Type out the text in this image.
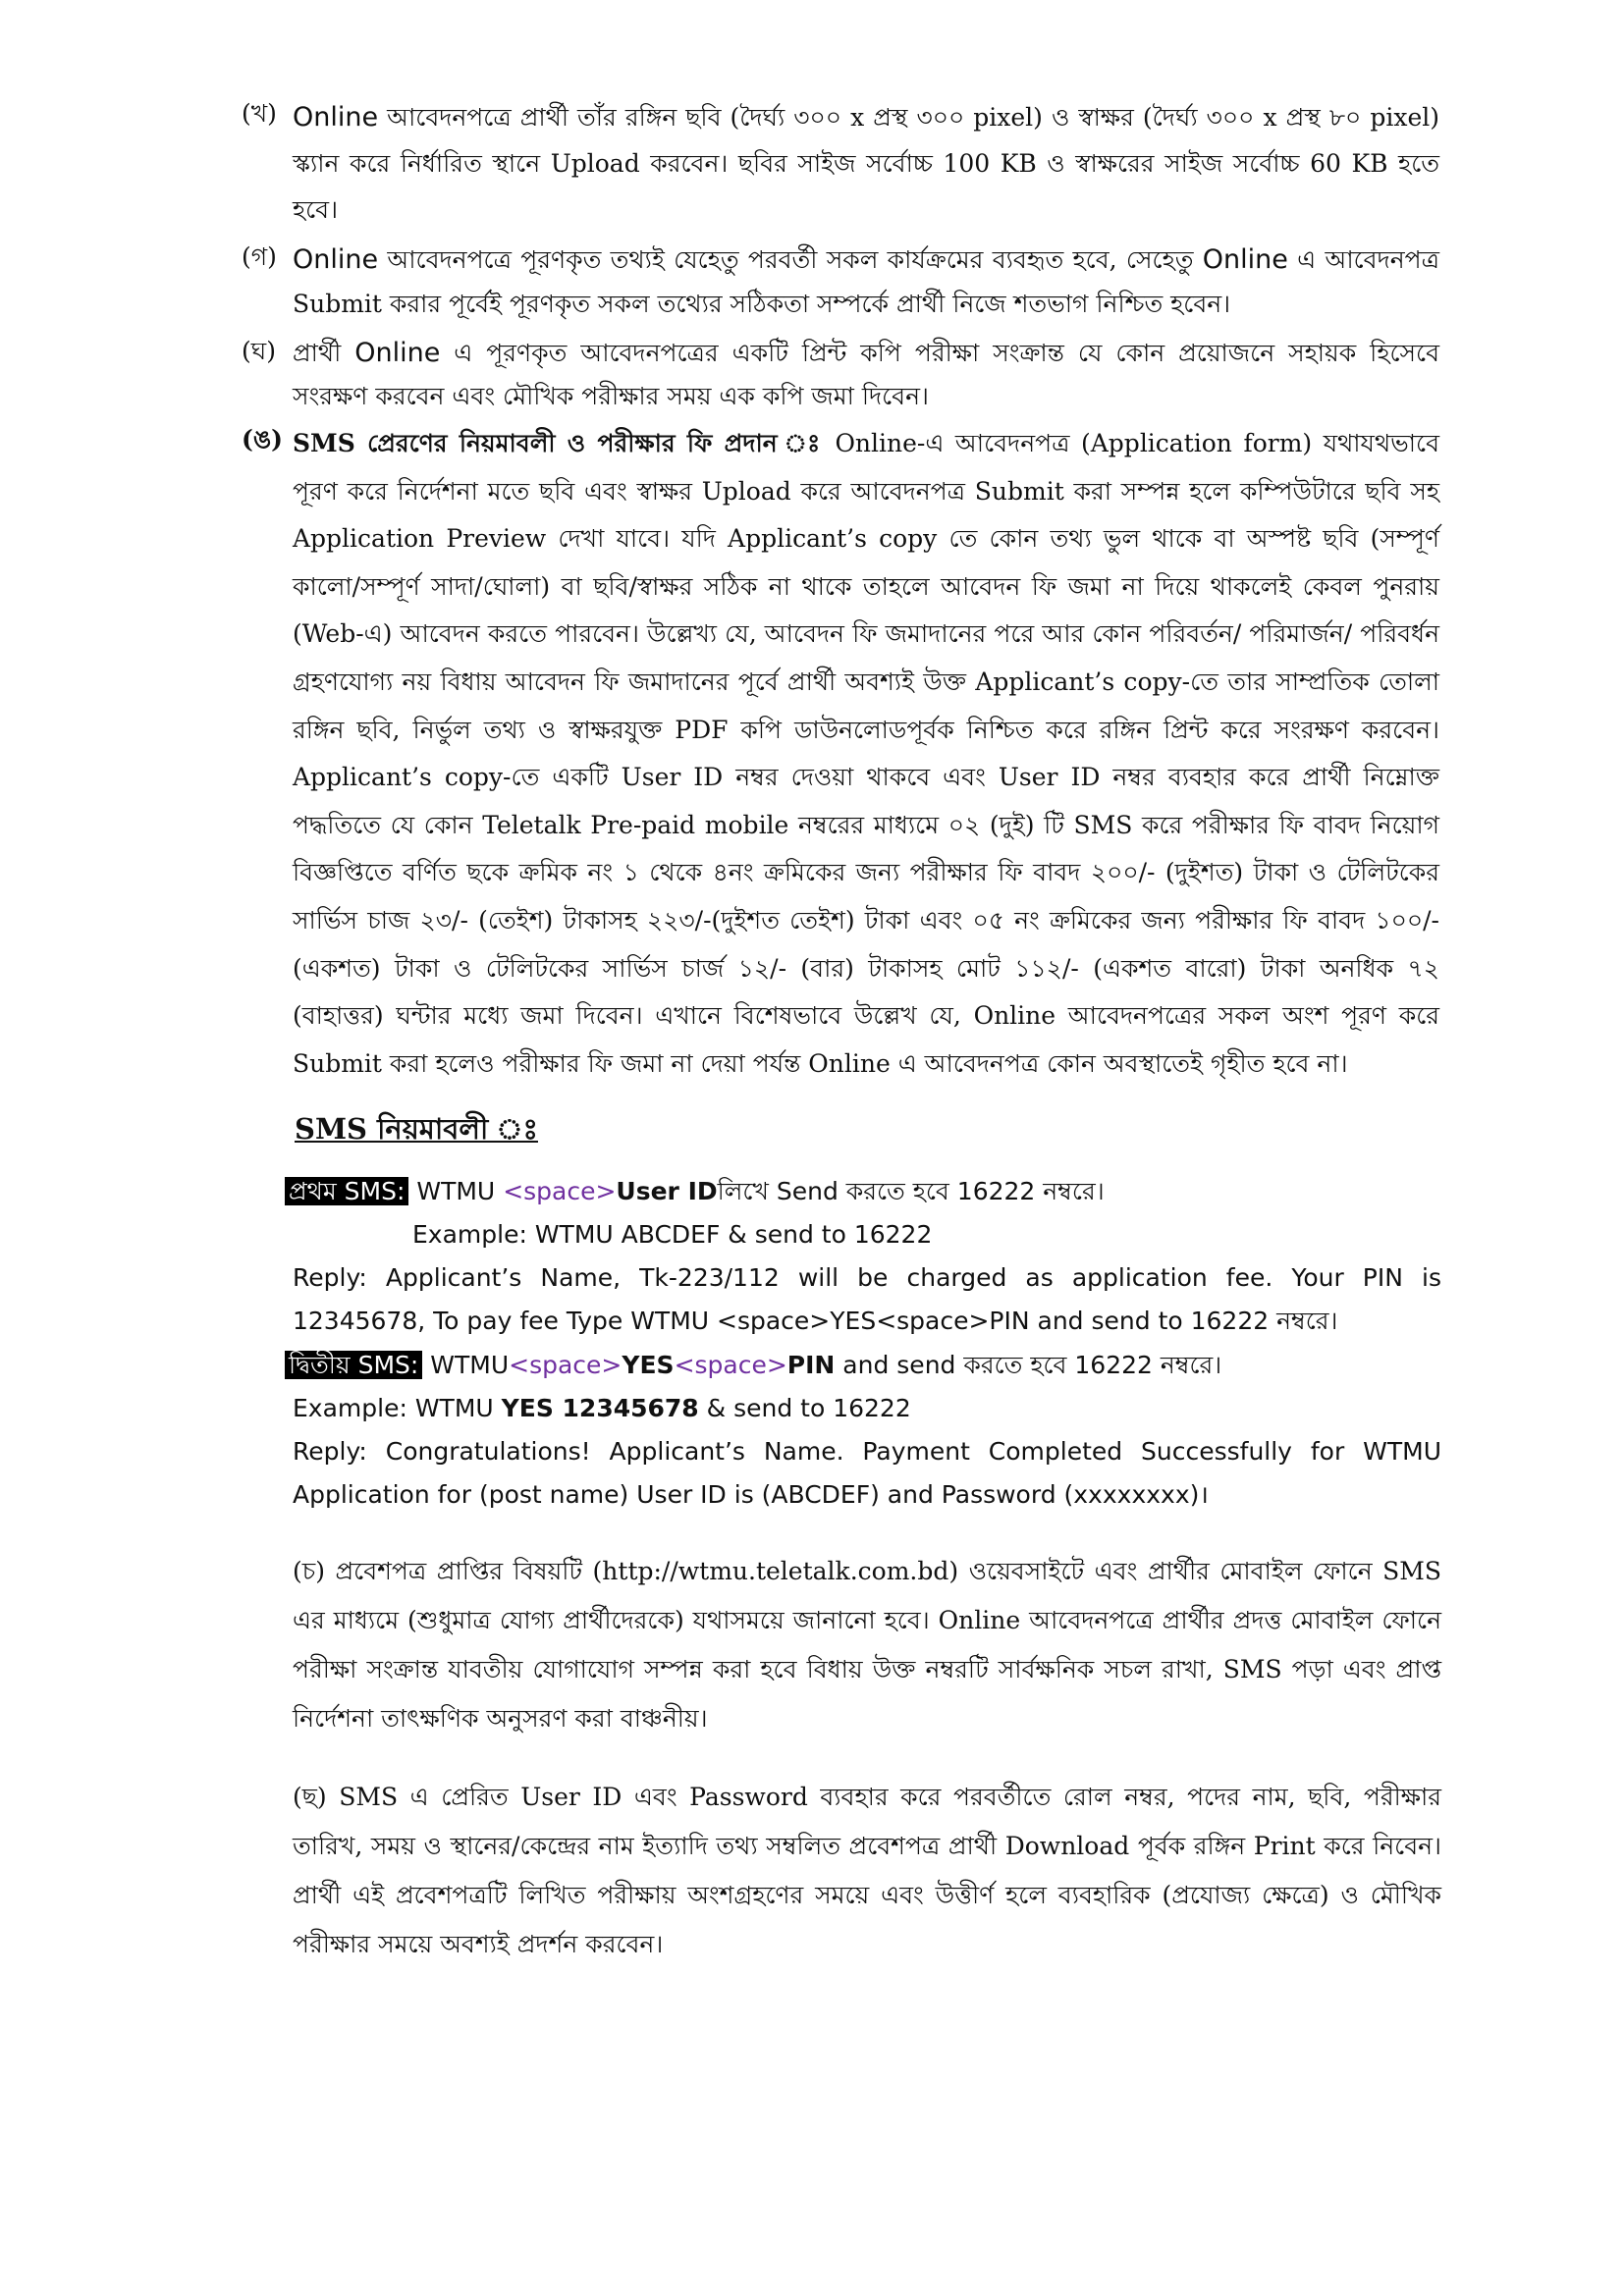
(খ) Online আবেদনপত্রে প্রার্থী তাঁর রঙ্গিন ছবি (দৈর্ঘ্য ৩০০ x প্রস্থ ৩০০ pixel) ও স্বাক্ষর (দৈর্ঘ্য ৩০০ x প্রস্থ ৮০ pixel) স্ক্যান করে নির্ধারিত স্থানে Upload করবেন। ছবির সাইজ সর্বোচ্চ 100 KB ও স্বাক্ষরের সাইজ সর্বোচ্চ 60 KB হতে হবে।
(গ) Online আবেদনপত্রে পূরণকৃত তথ্যই যেহেতু পরবর্তী সকল কার্যক্রমের ব্যবহৃত হবে, সেহেতু Online এ আবেদনপত্র Submit করার পূর্বেই পূরণকৃত সকল তথ্যের সঠিকতা সম্পর্কে প্রার্থী নিজে শতভাগ নিশ্চিত হবেন।
(ঘ) প্রার্থী Online এ পূরণকৃত আবেদনপত্রের একটি প্রিন্ট কপি পরীক্ষা সংক্রান্ত যে কোন প্রয়োজনে সহায়ক হিসেবে সংরক্ষণ করবেন এবং মৌখিক পরীক্ষার সময় এক কপি জমা দিবেন।
(ঙ) SMS প্রেরণের নিয়মাবলী ও পরীক্ষার ফি প্রদান ঃ Online-এ আবেদনপত্র (Application form) যথাযথভাবে পূরণ করে নির্দেশনা মতে ছবি এবং স্বাক্ষর Upload করে আবেদনপত্র Submit করা সম্পন্ন হলে কম্পিউটারে ছবি সহ Application Preview দেখা যাবে। যদি Applicant’s copy তে কোন তথ্য ভুল থাকে বা অস্পষ্ট ছবি (সম্পূর্ণ কালো/সম্পূর্ণ সাদা/ঘোলা) বা ছবি/স্বাক্ষর সঠিক না থাকে তাহলে আবেদন ফি জমা না দিয়ে থাকলেই কেবল পুনরায় (Web-এ) আবেদন করতে পারবেন। উল্লেখ্য যে, আবেদন ফি জমাদানের পরে আর কোন পরিবর্তন/ পরিমার্জন/ পরিবর্ধন গ্রহণযোগ্য নয় বিধায় আবেদন ফি জমাদানের পূর্বে প্রার্থী অবশ্যই উক্ত Applicant’s copy-তে তার সাম্প্রতিক তোলা রঙ্গিন ছবি, নির্ভুল তথ্য ও স্বাক্ষরযুক্ত PDF কপি ডাউনলোডপূর্বক নিশ্চিত করে রঙ্গিন প্রিন্ট করে সংরক্ষণ করবেন। Applicant’s copy-তে একটি User ID নম্বর দেওয়া থাকবে এবং User ID নম্বর ব্যবহার করে প্রার্থী নিম্নোক্ত পদ্ধতিতে যে কোন Teletalk Pre-paid mobile নম্বরের মাধ্যমে ০২ (দুই) টি SMS করে পরীক্ষার ফি বাবদ নিয়োগ বিজ্ঞপ্তিতে বর্ণিত ছকে ক্রমিক নং ১ থেকে ৪নং ক্রমিকের জন্য পরীক্ষার ফি বাবদ ২০০/- (দুইশত) টাকা ও টেলিটকের সার্ভিস চাজ ২৩/- (তেইশ) টাকাসহ ২২৩/-(দুইশত তেইশ) টাকা এবং ০৫ নং ক্রমিকের জন্য পরীক্ষার ফি বাবদ ১০০/- (একশত) টাকা ও টেলিটকের সার্ভিস চার্জ ১২/- (বার) টাকাসহ মোট ১১২/- (একশত বারো) টাকা অনধিক ৭২ (বাহাত্তর) ঘন্টার মধ্যে জমা দিবেন। এখানে বিশেষভাবে উল্লেখ যে, Online আবেদনপত্রের সকল অংশ পূরণ করে Submit করা হলেও পরীক্ষার ফি জমা না দেয়া পর্যন্ত Online এ আবেদনপত্র কোন অবস্থাতেই গৃহীত হবে না।
SMS নিয়মাবলী ঃ
প্রথম SMS: WTMU <space>User IDলিখে Send করতে হবে 16222 নম্বরে।
Example: WTMU ABCDEF & send to 16222
Reply: Applicant’s Name, Tk-223/112 will be charged as application fee. Your PIN is 12345678, To pay fee Type WTMU <space>YES<space>PIN and send to 16222 নম্বরে।
দ্বিতীয় SMS: WTMU<space>YES<space>PIN and send করতে হবে 16222 নম্বরে।
Example: WTMU YES 12345678 & send to 16222
Reply: Congratulations! Applicant’s Name. Payment Completed Successfully for WTMU Application for (post name) User ID is (ABCDEF) and Password (xxxxxxxx)।
(চ) প্রবেশপত্র প্রাপ্তির বিষয়টি (http://wtmu.teletalk.com.bd) ওয়েবসাইটে এবং প্রার্থীর মোবাইল ফোনে SMS এর মাধ্যমে (শুধুমাত্র যোগ্য প্রার্থীদেরকে) যথাসময়ে জানানো হবে। Online আবেদনপত্রে প্রার্থীর প্রদত্ত মোবাইল ফোনে পরীক্ষা সংক্রান্ত যাবতীয় যোগাযোগ সম্পন্ন করা হবে বিধায় উক্ত নম্বরটি সার্বক্ষনিক সচল রাখা, SMS পড়া এবং প্রাপ্ত নির্দেশনা তাৎক্ষণিক অনুসরণ করা বাঞ্চনীয়।
(ছ) SMS এ প্রেরিত User ID এবং Password ব্যবহার করে পরবর্তীতে রোল নম্বর, পদের নাম, ছবি, পরীক্ষার তারিখ, সময় ও স্থানের/কেন্দ্রের নাম ইত্যাদি তথ্য সম্বলিত প্রবেশপত্র প্রার্থী Download পূর্বক রঙ্গিন Print করে নিবেন। প্রার্থী এই প্রবেশপত্রটি লিখিত পরীক্ষায় অংশগ্রহণের সময়ে এবং উত্তীর্ণ হলে ব্যবহারিক (প্রযোজ্য ক্ষেত্রে) ও মৌখিক পরীক্ষার সময়ে অবশ্যই প্রদর্শন করবেন।
